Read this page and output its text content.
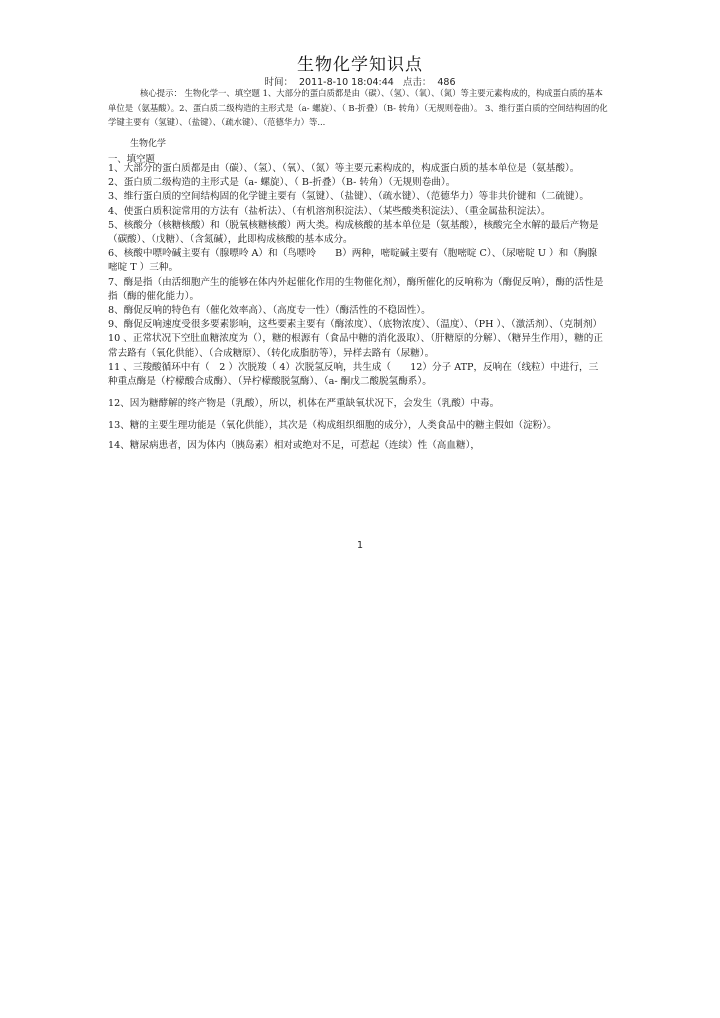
生物化学知识点
时间： 2011-8-10 18:04:44 点击： 486
核心提示： 生物化学一、填空题 1、大部分的蛋白质都是由（碳）、（氢）、（氧）、（氮）等主要元素构成的，构成蛋白质的基本单位是（氨基酸）。2、蛋白质二级构造的主形式是（a- 螺旋）、（ B-折叠）（B- 转角）（无规则卷曲）。 3、维行蛋白质的空间结构固的化学键主要有（氢键）、（盐键）、（疏水键）、（范德华力）等...
生物化学
一、填空题

1、大部分的蛋白质都是由（碳）、（氢）、（氧）、（氮）等主要元素构成的，构成蛋白质的基本单位是（氨基酸）。

2、蛋白质二级构造的主形式是（a- 螺旋）、（ B-折叠）（B- 转角）（无规则卷曲）。

3、维行蛋白质的空间结构固的化学键主要有（氢键）、（盐键）、（疏水键）、（范德华力）等非共价键和（二硫键）。

4、使蛋白质积淀常用的方法有（盐析法）、（有机溶剂积淀法）、（某些酸类积淀法）、（重金属盐积淀法）。

5、核酸分（核糖核酸）和（脱氧核糖核酸）两大类。构成核酸的基本单位是（氨基酸），核酸完全水解的最后产物是（碳酸）、（戊糖）、（含氮碱），此即构成核酸的基本成分。

6、核酸中嘌呤碱主要有（腺嘌呤 A）和（鸟嘌呤　　B）两种，嘧啶碱主要有（胞嘧啶 C）、（尿嘧啶 U ）和（胸腺嘧啶 T ）三种。

7、酶是指（由活细胞产生的能够在体内外起催化作用的生物催化剂），酶所催化的反响称为（酶促反响），酶的活性是指（酶的催化能力）。

8、酶促反响的特色有（催化效率高）、（高度专一性）（酶活性的不稳固性）。

9、酶促反响速度受很多要素影响，这些要素主要有（酶浓度）、（底物浓度）、（温度）、（PH ）、（激活剂）、（克制剂）

10 、正常状况下空肚血糖浓度为（），糖的根源有（食品中糖的消化汲取）、（肝糖原的分解）、（糖异生作用），糖的正常去路有（氧化供能）、（合成糖原）、（转化成脂肪等），异样去路有（尿糖）。

11 、三羧酸循环中有（　2 ）次脱羧（ 4）次脱氢反响，共生成（　　12）分子 ATP，反响在（线粒）中进行，三种重点酶是（柠檬酸合成酶）、（异柠檬酸脱氢酶）、（a- 酮戊二酸脱氢酶系）。

12、因为糖酵解的终产物是（乳酸），所以，机体在严重缺氧状况下，会发生（乳酸）中毒。

13、糖的主要生理功能是（氧化供能），其次是（构成组织细胞的成分），人类食品中的糖主假如（淀粉）。

14、糖尿病患者，因为体内（胰岛素）相对或绝对不足，可惹起（连续）性（高血糖），

1
